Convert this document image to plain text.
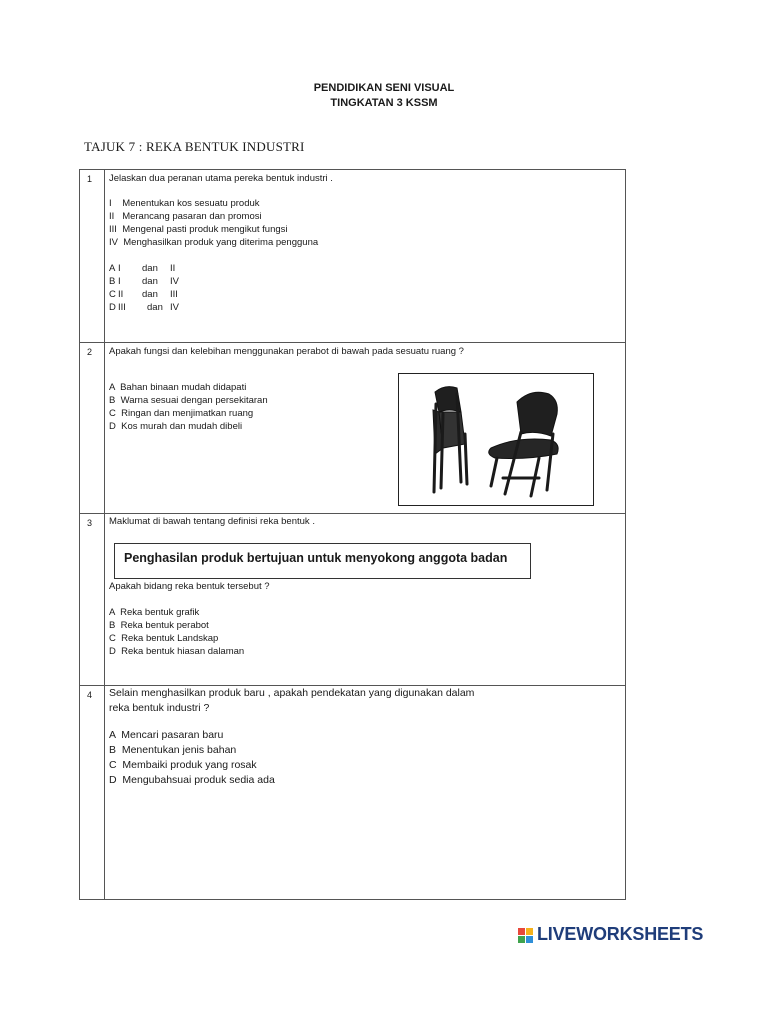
PENDIDIKAN SENI VISUAL
TINGKATAN 3 KSSM
TAJUK 7 : REKA BENTUK INDUSTRI
1 Jelaskan dua peranan utama pereka bentuk industri .
I    Menentukan kos sesuatu produk
II   Merancang pasaran dan promosi
III  Mengenal pasti produk mengikut fungsi
IV  Menghasilkan produk yang diterima pengguna
A I dan II
B I dan IV
C II dan III
D III dan IV
2 Apakah fungsi dan kelebihan menggunakan perabot di bawah pada sesuatu ruang ?
A  Bahan binaan mudah didapati
B  Warna sesuai dengan persekitaran
C  Ringan dan menjimatkan ruang
D  Kos murah dan mudah dibeli
3 Maklumat di bawah tentang definisi reka bentuk .
Penghasilan produk bertujuan untuk menyokong anggota badan
Apakah bidang reka bentuk tersebut ?
A  Reka bentuk grafik
B  Reka bentuk perabot
C  Reka bentuk Landskap
D  Reka bentuk hiasan dalaman
4 Selain menghasilkan produk baru , apakah pendekatan yang digunakan dalam
reka bentuk industri ?
A  Mencari pasaran baru
B  Menentukan jenis bahan
C  Membaiki produk yang rosak
D  Mengubahsuai produk sedia ada
LIVEWORKSHEETS
